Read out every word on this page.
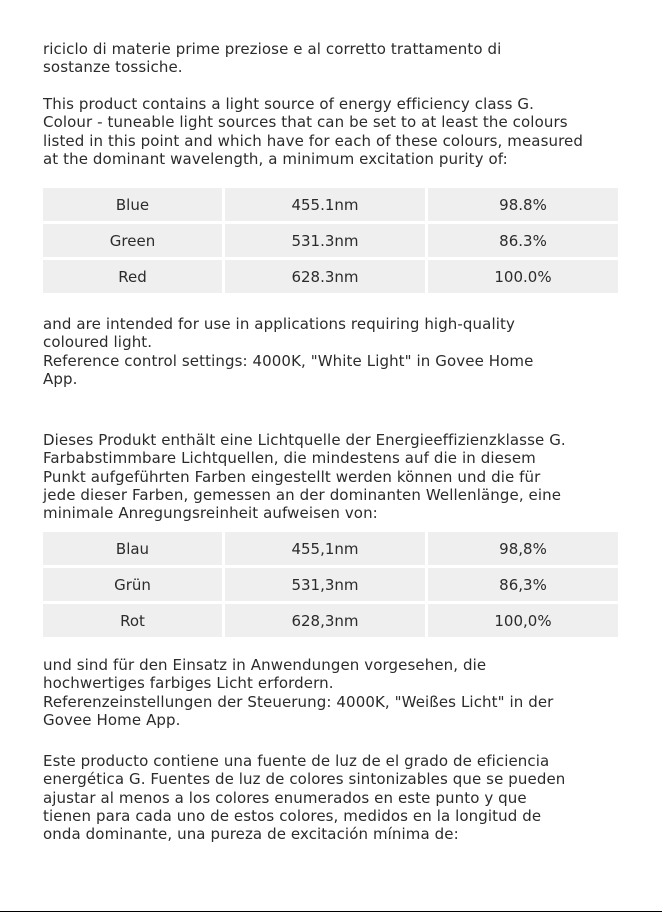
riciclo di materie prime preziose e al corretto trattamento di
sostanze tossiche.

This product contains a light source of energy efficiency class G.
Colour - tuneable light sources that can be set to at least the colours
listed in this point and which have for each of these colours, measured
at the dominant wavelength, a minimum excitation purity of:

Blue	455.1nm	98.8%
Green	531.3nm	86.3%
Red	628.3nm	100.0%

and are intended for use in applications requiring high-quality
coloured light.
Reference control settings: 4000K, "White Light" in Govee Home
App.

Dieses Produkt enthält eine Lichtquelle der Energieeffizienzklasse G.
Farbabstimmbare Lichtquellen, die mindestens auf die in diesem
Punkt aufgeführten Farben eingestellt werden können und die für
jede dieser Farben, gemessen an der dominanten Wellenlänge, eine
minimale Anregungsreinheit aufweisen von:

Blau	455,1nm	98,8%
Grün	531,3nm	86,3%
Rot	628,3nm	100,0%

und sind für den Einsatz in Anwendungen vorgesehen, die
hochwertiges farbiges Licht erfordern.
Referenzeinstellungen der Steuerung: 4000K, "Weißes Licht" in der
Govee Home App.

Este producto contiene una fuente de luz de el grado de eficiencia
energética G. Fuentes de luz de colores sintonizables que se pueden
ajustar al menos a los colores enumerados en este punto y que
tienen para cada uno de estos colores, medidos en la longitud de
onda dominante, una pureza de excitación mínima de:
